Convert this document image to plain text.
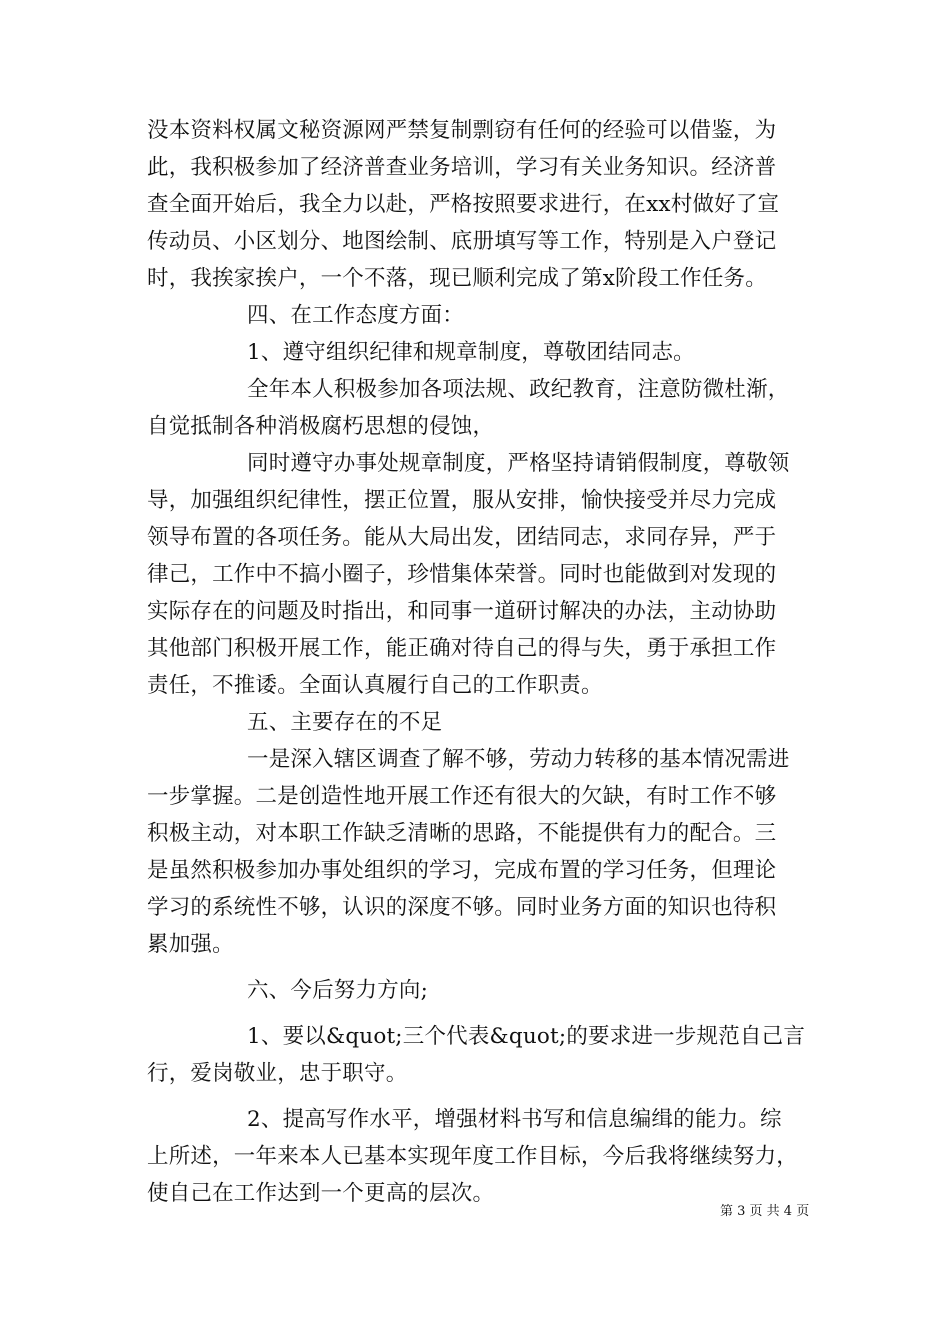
没本资料权属文秘资源网严禁复制剽窃有任何的经验可以借鉴，为
此，我积极参加了经济普查业务培训，学习有关业务知识。经济普
查全面开始后，我全力以赴，严格按照要求进行，在xx村做好了宣
传动员、小区划分、地图绘制、底册填写等工作，特别是入户登记
时，我挨家挨户，一个不落，现已顺利完成了第x阶段工作任务。
四、在工作态度方面：
1、遵守组织纪律和规章制度，尊敬团结同志。
全年本人积极参加各项法规、政纪教育，注意防微杜渐，
自觉抵制各种消极腐朽思想的侵蚀，
同时遵守办事处规章制度，严格坚持请销假制度，尊敬领
导，加强组织纪律性，摆正位置，服从安排，愉快接受并尽力完成
领导布置的各项任务。能从大局出发，团结同志，求同存异，严于
律己，工作中不搞小圈子，珍惜集体荣誉。同时也能做到对发现的
实际存在的问题及时指出，和同事一道研讨解决的办法，主动协助
其他部门积极开展工作，能正确对待自己的得与失，勇于承担工作
责任，不推诿。全面认真履行自己的工作职责。
五、主要存在的不足
一是深入辖区调查了解不够，劳动力转移的基本情况需进
一步掌握。二是创造性地开展工作还有很大的欠缺，有时工作不够
积极主动，对本职工作缺乏清晰的思路，不能提供有力的配合。三
是虽然积极参加办事处组织的学习，完成布置的学习任务，但理论
学习的系统性不够，认识的深度不够。同时业务方面的知识也待积
累加强。
六、今后努力方向;
1、要以&quot;三个代表&quot;的要求进一步规范自己言
行，爱岗敬业，忠于职守。
2、提高写作水平，增强材料书写和信息编缉的能力。综
上所述，一年来本人已基本实现年度工作目标，今后我将继续努力，
使自己在工作达到一个更高的层次。
第 3 页 共 4 页
